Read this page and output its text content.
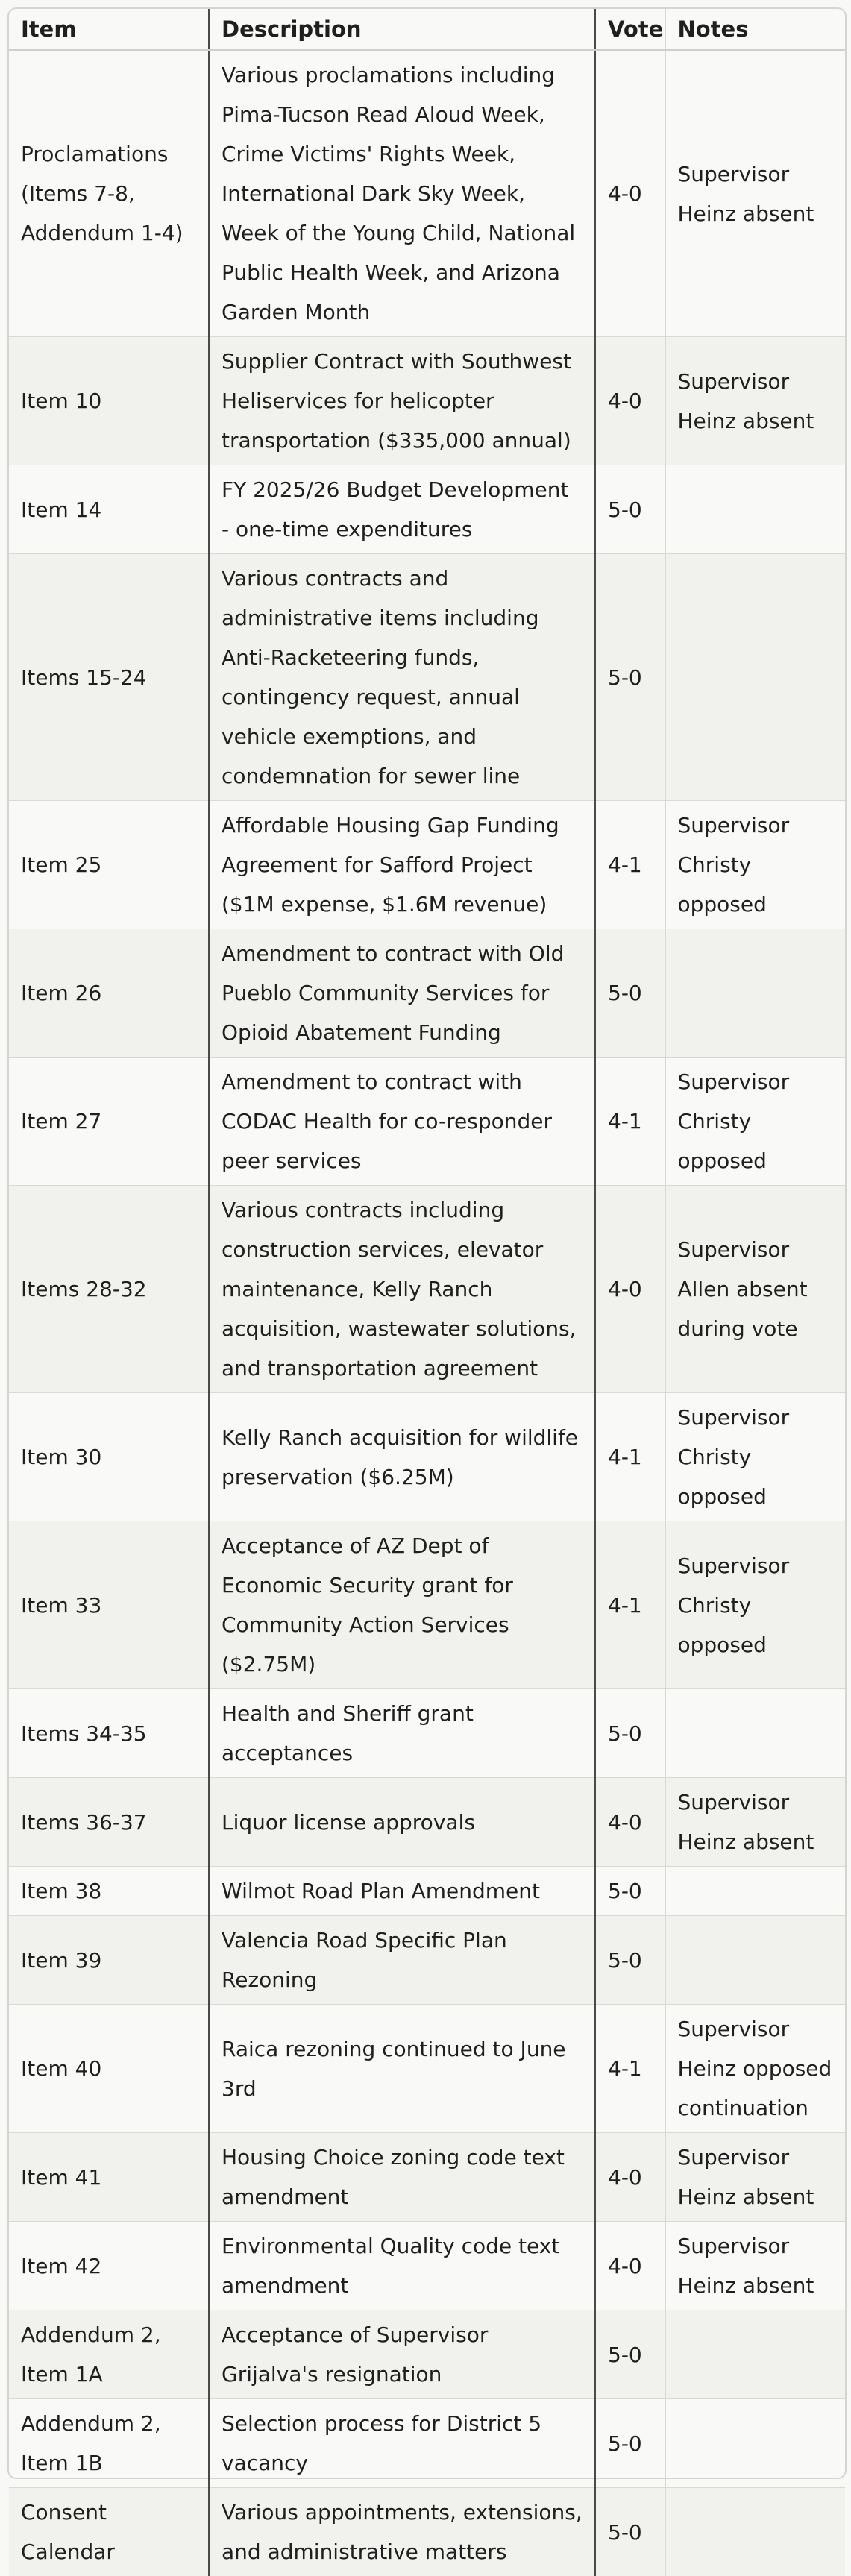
Item	Description	Vote	Notes
Proclamations (Items 7-8, Addendum 1-4)	Various proclamations including Pima-Tucson Read Aloud Week, Crime Victims' Rights Week, International Dark Sky Week, Week of the Young Child, National Public Health Week, and Arizona Garden Month	4-0	Supervisor Heinz absent
Item 10	Supplier Contract with Southwest Heliservices for helicopter transportation ($335,000 annual)	4-0	Supervisor Heinz absent
Item 14	FY 2025/26 Budget Development - one-time expenditures	5-0	
Items 15-24	Various contracts and administrative items including Anti-Racketeering funds, contingency request, annual vehicle exemptions, and condemnation for sewer line	5-0	
Item 25	Affordable Housing Gap Funding Agreement for Safford Project ($1M expense, $1.6M revenue)	4-1	Supervisor Christy opposed
Item 26	Amendment to contract with Old Pueblo Community Services for Opioid Abatement Funding	5-0	
Item 27	Amendment to contract with CODAC Health for co-responder peer services	4-1	Supervisor Christy opposed
Items 28-32	Various contracts including construction services, elevator maintenance, Kelly Ranch acquisition, wastewater solutions, and transportation agreement	4-0	Supervisor Allen absent during vote
Item 30	Kelly Ranch acquisition for wildlife preservation ($6.25M)	4-1	Supervisor Christy opposed
Item 33	Acceptance of AZ Dept of Economic Security grant for Community Action Services ($2.75M)	4-1	Supervisor Christy opposed
Items 34-35	Health and Sheriff grant acceptances	5-0	
Items 36-37	Liquor license approvals	4-0	Supervisor Heinz absent
Item 38	Wilmot Road Plan Amendment	5-0	
Item 39	Valencia Road Specific Plan Rezoning	5-0	
Item 40	Raica rezoning continued to June 3rd	4-1	Supervisor Heinz opposed continuation
Item 41	Housing Choice zoning code text amendment	4-0	Supervisor Heinz absent
Item 42	Environmental Quality code text amendment	4-0	Supervisor Heinz absent
Addendum 2, Item 1A	Acceptance of Supervisor Grijalva's resignation	5-0	
Addendum 2, Item 1B	Selection process for District 5 vacancy	5-0	
Consent Calendar	Various appointments, extensions, and administrative matters	5-0	
